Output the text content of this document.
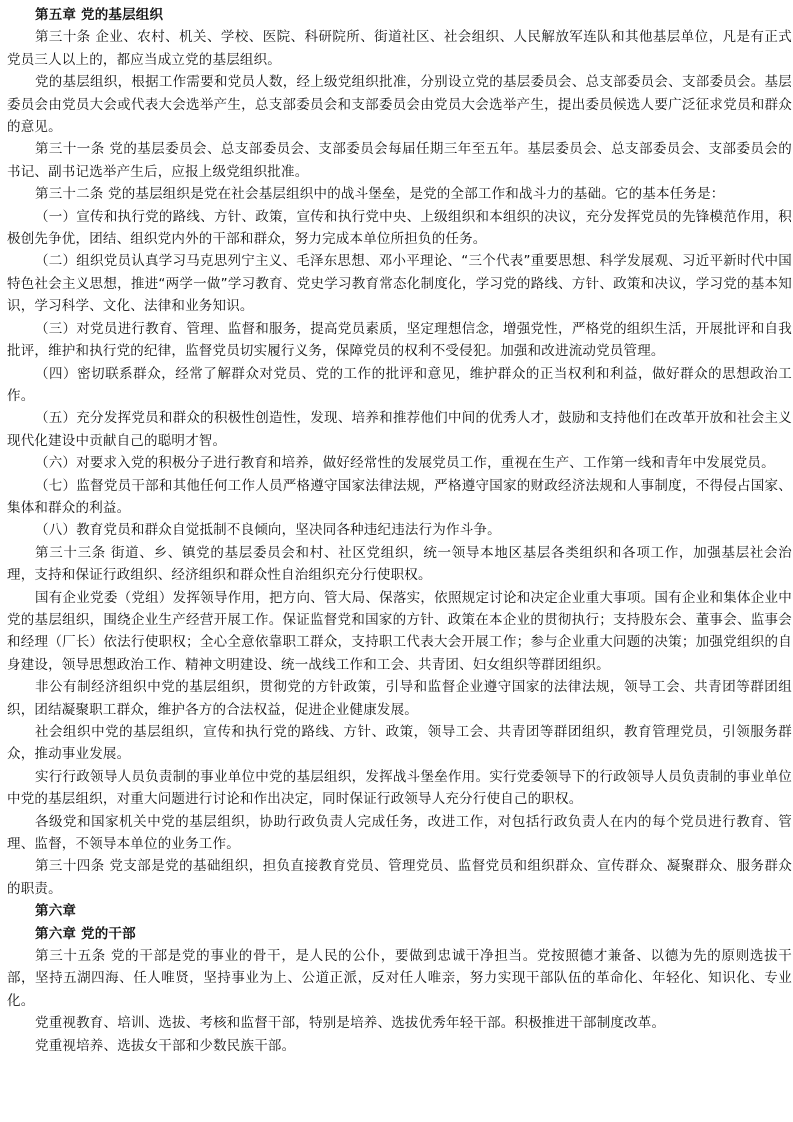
第五章 党的基层组织

第三十条 企业、农村、机关、学校、医院、科研院所、街道社区、社会组织、人民解放军连队和其他基层单位，凡是有正式党员三人以上的，都应当成立党的基层组织。

党的基层组织，根据工作需要和党员人数，经上级党组织批准，分别设立党的基层委员会、总支部委员会、支部委员会。基层委员会由党员大会或代表大会选举产生，总支部委员会和支部委员会由党员大会选举产生，提出委员候选人要广泛征求党员和群众的意见。

第三十一条 党的基层委员会、总支部委员会、支部委员会每届任期三年至五年。基层委员会、总支部委员会、支部委员会的书记、副书记选举产生后，应报上级党组织批准。

第三十二条 党的基层组织是党在社会基层组织中的战斗堡垒，是党的全部工作和战斗力的基础。它的基本任务是：

（一）宣传和执行党的路线、方针、政策，宣传和执行党中央、上级组织和本组织的决议，充分发挥党员的先锋模范作用，积极创先争优，团结、组织党内外的干部和群众，努力完成本单位所担负的任务。

（二）组织党员认真学习马克思列宁主义、毛泽东思想、邓小平理论、“三个代表”重要思想、科学发展观、习近平新时代中国特色社会主义思想，推进“两学一做”学习教育、党史学习教育常态化制度化，学习党的路线、方针、政策和决议，学习党的基本知识，学习科学、文化、法律和业务知识。

（三）对党员进行教育、管理、监督和服务，提高党员素质，坚定理想信念，增强党性，严格党的组织生活，开展批评和自我批评，维护和执行党的纪律，监督党员切实履行义务，保障党员的权利不受侵犯。加强和改进流动党员管理。

（四）密切联系群众，经常了解群众对党员、党的工作的批评和意见，维护群众的正当权利和利益，做好群众的思想政治工作。

（五）充分发挥党员和群众的积极性创造性，发现、培养和推荐他们中间的优秀人才，鼓励和支持他们在改革开放和社会主义现代化建设中贡献自己的聪明才智。

（六）对要求入党的积极分子进行教育和培养，做好经常性的发展党员工作，重视在生产、工作第一线和青年中发展党员。

（七）监督党员干部和其他任何工作人员严格遵守国家法律法规，严格遵守国家的财政经济法规和人事制度，不得侵占国家、集体和群众的利益。

（八）教育党员和群众自觉抵制不良倾向，坚决同各种违纪违法行为作斗争。

第三十三条 街道、乡、镇党的基层委员会和村、社区党组织，统一领导本地区基层各类组织和各项工作，加强基层社会治理，支持和保证行政组织、经济组织和群众性自治组织充分行使职权。

国有企业党委（党组）发挥领导作用，把方向、管大局、保落实，依照规定讨论和决定企业重大事项。国有企业和集体企业中党的基层组织，围绕企业生产经营开展工作。保证监督党和国家的方针、政策在本企业的贯彻执行；支持股东会、董事会、监事会和经理（厂长）依法行使职权；全心全意依靠职工群众，支持职工代表大会开展工作；参与企业重大问题的决策；加强党组织的自身建设，领导思想政治工作、精神文明建设、统一战线工作和工会、共青团、妇女组织等群团组织。

非公有制经济组织中党的基层组织，贯彻党的方针政策，引导和监督企业遵守国家的法律法规，领导工会、共青团等群团组织，团结凝聚职工群众，维护各方的合法权益，促进企业健康发展。

社会组织中党的基层组织，宣传和执行党的路线、方针、政策，领导工会、共青团等群团组织，教育管理党员，引领服务群众，推动事业发展。

实行行政领导人员负责制的事业单位中党的基层组织，发挥战斗堡垒作用。实行党委领导下的行政领导人员负责制的事业单位中党的基层组织，对重大问题进行讨论和作出决定，同时保证行政领导人充分行使自己的职权。

各级党和国家机关中党的基层组织，协助行政负责人完成任务，改进工作，对包括行政负责人在内的每个党员进行教育、管理、监督，不领导本单位的业务工作。

第三十四条 党支部是党的基础组织，担负直接教育党员、管理党员、监督党员和组织群众、宣传群众、凝聚群众、服务群众的职责。

第六章

第六章 党的干部

第三十五条 党的干部是党的事业的骨干，是人民的公仆，要做到忠诚干净担当。党按照德才兼备、以德为先的原则选拔干部，坚持五湖四海、任人唯贤，坚持事业为上、公道正派，反对任人唯亲，努力实现干部队伍的革命化、年轻化、知识化、专业化。

党重视教育、培训、选拔、考核和监督干部，特别是培养、选拔优秀年轻干部。积极推进干部制度改革。

党重视培养、选拔女干部和少数民族干部。
